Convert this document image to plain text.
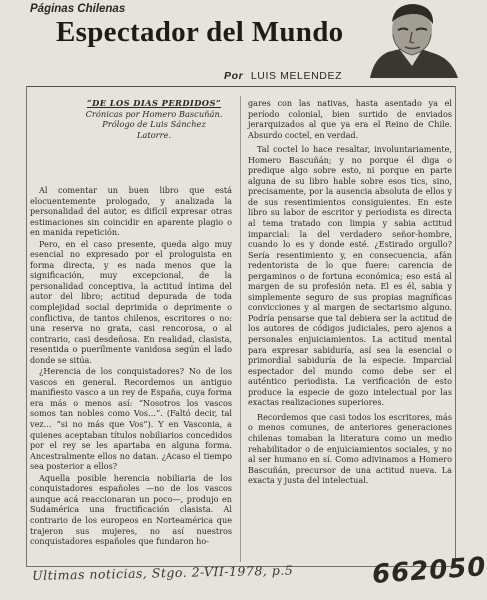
Páginas Chilenas
Espectador del Mundo
Por LUIS MELENDEZ
“DE LOS DIAS PERDIDOS”
Crónicas por Homero Bascuñán. Prólogo de Luis Sánchez Latorre.

Al comentar un buen libro que está elocuentemente prologado, y analizada la personalidad del autor, es difícil expresar otras estimaciones sin coincidir en aparente plagio o en manida repetición.

Pero, en el caso presente, queda algo muy esencial no expresado por el prologuista en forma directa, y es nada menos que la significación, muy excepcional, de la personalidad conceptiva, la actitud íntima del autor del libro; actitud depurada de toda complejidad social deprimida o deprimente o conflictiva, de tantos chilenos, escritores o no: una reserva no grata, casi rencorosa, o al contrario, casi desdeñosa. En realidad, clasista, resentida o puerílmente vanidosa según el lado donde se sitúa.

¿Herencia de los conquistadores? No de los vascos en general. Recordemos un antiguo manifiesto vasco a un rey de España, cuya forma era más o menos así: “Nosotros los vascos somos tan nobles como Vos…”. (Faltó decir, tal vez… “si no más que Vos”). Y en Vasconia, a quienes aceptaban títulos nobiliarios concedidos por el rey se les apartaba en alguna forma. Ancestralmente ellos no datan. ¿Acaso el tiempo sea posterior a ellos?

Aquella posible herencia nobiliaria de los conquistadores españoles —no de los vascos aunque acá reaccionaran un poco—, produjo en Sudamérica una fructificación clasista. Al contrario de los europeos en Norteamérica que trajeron sus mujeres, no así nuestros conquistadores españoles que fundaron ho-

gares con las nativas, hasta asentado ya el período colonial, bien surtido de enviados jerarquizados al que ya era el Reino de Chile. Absurdo coctel, en verdad.

Tal coctel lo hace resaltar, involuntariamente, Homero Bascuñán; y no porque él diga o predique algo sobre esto, ni porque en parte alguna de su libro hable sobre esos tics, sino, precisamente, por la ausencia absoluta de ellos y de sus resentimientos consiguientes. En este libro su labor de escritor y periodista es directa al tema tratado con limpia y sabia actitud imparcial: la del verdadero señor-hombre, cuando lo es y donde esté. ¿Estirado orgullo? Sería resentimiento y, en consecuencia, afán redentorista de lo que fuere: carencia de pergaminos o de fortuna económica; eso está al margen de su profesión neta. El es él, sabia y simplemente seguro de sus propias magníficas convicciones y al margen de sectarismo alguno. Podría pensarse que tal debiera ser la actitud de los autores de códigos judiciales, pero ajenos a personales enjuiciamientos. La actitud mental para expresar sabiduría, así sea la esencial o primordial sabiduría de la especie. Imparcial espectador del mundo como debe ser el auténtico periodista. La verificación de esto produce la especie de gozo intelectual por las exactas realizaciones superiores.

Recordemos que casi todos los escritores, más o menos comunes, de anteriores generaciones chilenas tomaban la literatura como un medio rehabilitador o de enjuiciamientos sociales, y no al ser humano en sí. Como adivinamos a Homero Bascuñán, precursor de una actitud nueva. La exacta y justa del intelectual.

Ultimas noticias, Stgo. 2-VII-1978, p.5	662050
